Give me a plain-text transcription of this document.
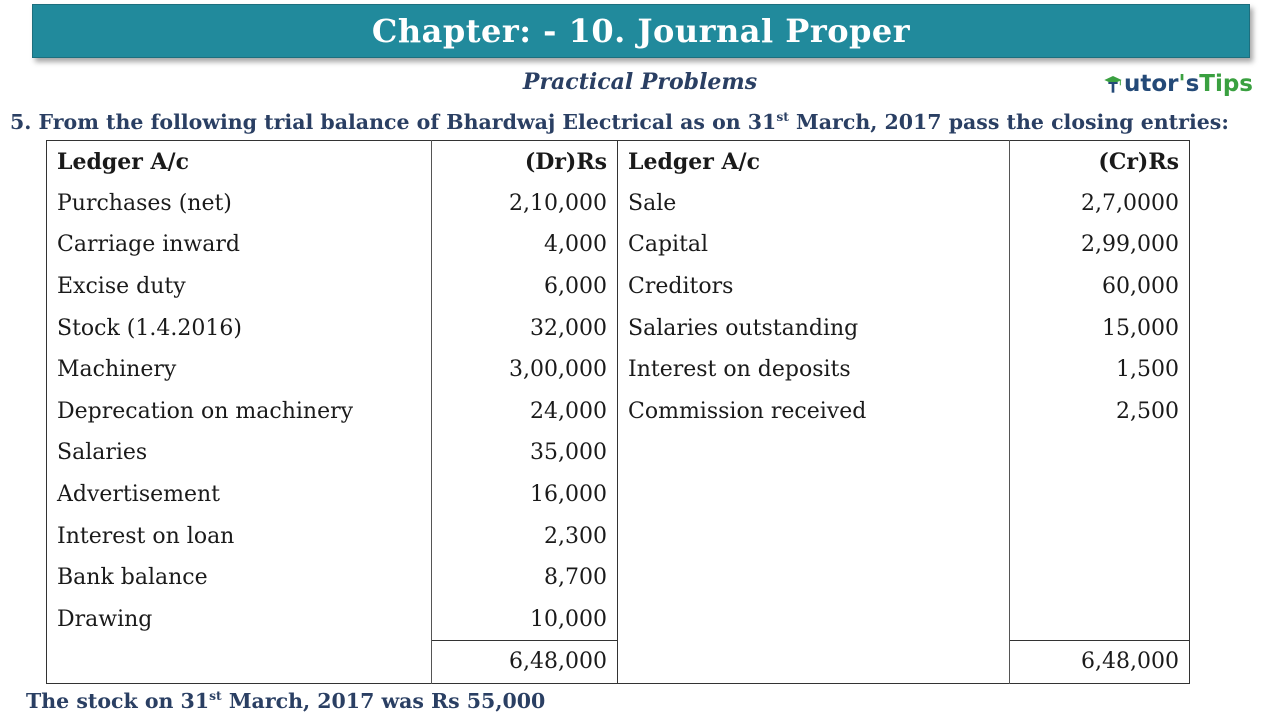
Chapter: - 10. Journal Proper
Practical Problems	utor ' s Tips
5. From the following trial balance of Bhardwaj Electrical as on 31st March, 2017 pass the closing entries:
Ledger A/c	(Dr)Rs	Ledger A/c	(Cr)Rs
Purchases (net)	2,10,000	Sale	2,7,0000
Carriage inward	4,000	Capital	2,99,000
Excise duty	6,000	Creditors	60,000
Stock (1.4.2016)	32,000	Salaries outstanding	15,000
Machinery	3,00,000	Interest on deposits	1,500
Deprecation on machinery	24,000	Commission received	2,500
Salaries	35,000		
Advertisement	16,000		
Interest on loan	2,300		
Bank balance	8,700		
Drawing	10,000		
	6,48,000		6,48,000
The stock on 31st March, 2017 was Rs 55,000
